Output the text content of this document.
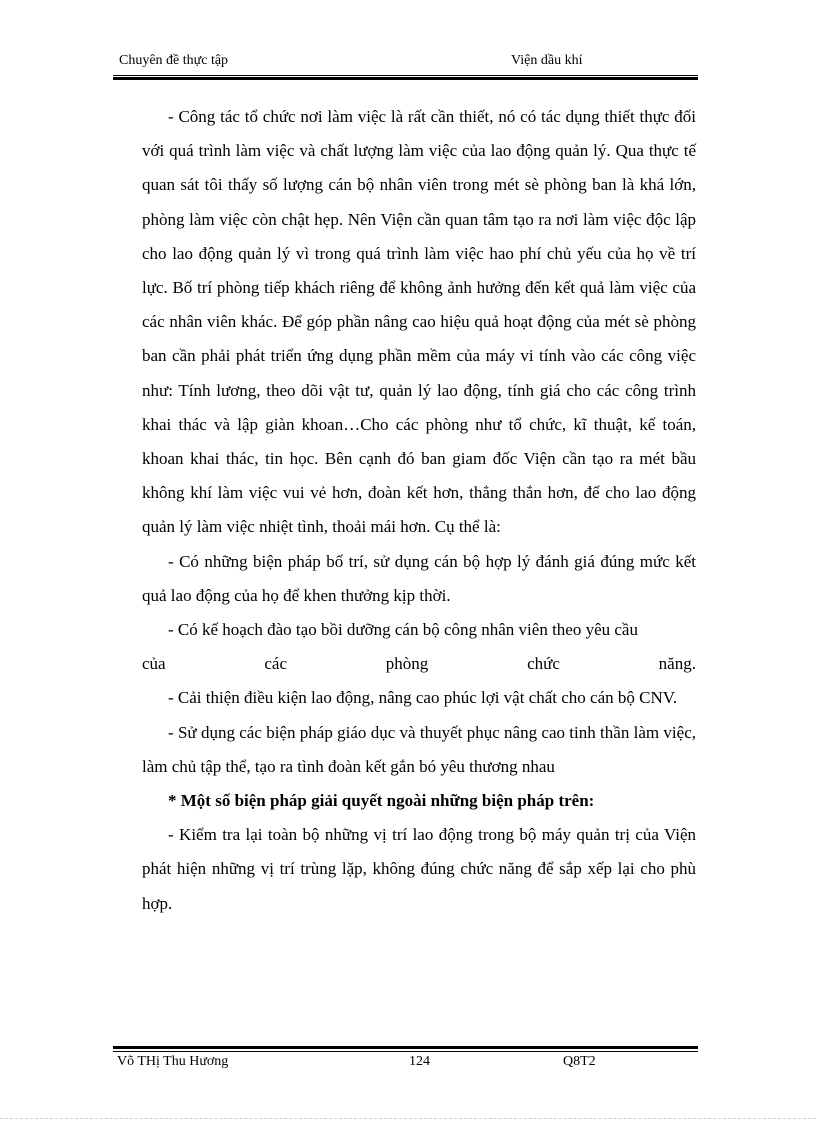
Chuyên đề thực tập	Viện dầu khí

- Công tác tổ chức nơi làm việc là rất cần thiết, nó có tác dụng thiết thực đối với quá trình làm việc và chất lượng làm việc của lao động quản lý. Qua thực tế quan sát tôi thấy số lượng cán bộ nhân viên trong mét sè phòng ban là khá lớn, phòng làm việc còn chật hẹp. Nên Viện cần quan tâm tạo ra nơi làm việc độc lập cho lao động quản lý vì trong quá trình làm việc hao phí chủ yếu của họ về trí lực. Bố trí phòng tiếp khách riêng để không ảnh hưởng đến kết quả làm việc của các nhân viên khác. Để góp phần nâng cao hiệu quả hoạt động của mét sè phòng ban cần phải phát triển ứng dụng phần mềm của máy vi tính vào các công việc như: Tính lương, theo dõi vật tư, quản lý lao động, tính giá cho các công trình khai thác và lập giàn khoan…Cho các phòng như tổ chức, kĩ thuật, kế toán, khoan khai thác, tin học. Bên cạnh đó ban giam đốc Viện cần tạo ra mét bầu không khí làm việc vui vẻ hơn, đoàn kết hơn, thẳng thắn hơn, để cho lao động quản lý làm việc nhiệt tình, thoải mái hơn. Cụ thể là:

- Có những biện pháp bố trí, sử dụng cán bộ hợp lý đánh giá đúng mức kết quả lao động của họ để khen thưởng kịp thời.

- Có kế hoạch đào tạo bồi dưỡng cán bộ công nhân viên theo yêu cầu

của	các	phòng	chức	năng.

- Cải thiện điều kiện lao động, nâng cao phúc lợi vật chất cho cán bộ CNV.

- Sử dụng các biện pháp giáo dục và thuyết phục nâng cao tinh thần làm việc, làm chủ tập thể, tạo ra tình đoàn kết gắn bó yêu thương nhau

* Một số biện pháp giải quyết ngoài những biện pháp trên:

- Kiểm tra lại toàn bộ những vị trí lao động trong bộ máy quản trị của Viện phát hiện những vị trí trùng lặp, không đúng chức năng để sắp xếp lại cho phù hợp.

Võ THị Thu Hương	124	Q8T2
